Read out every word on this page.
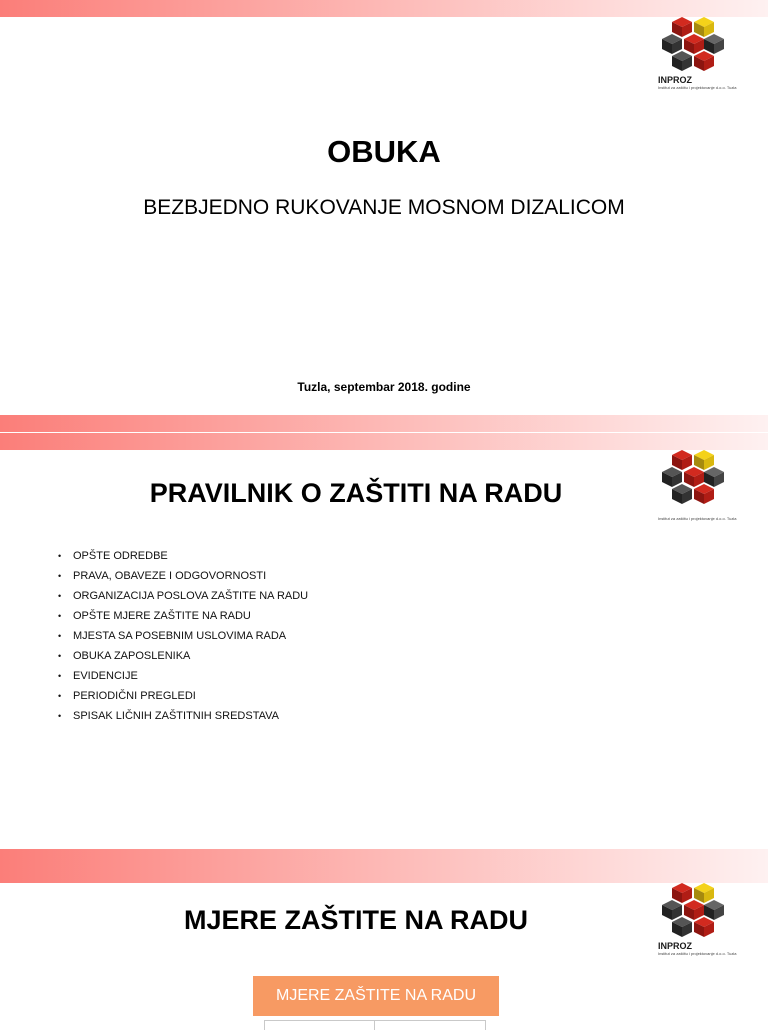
INPROZ
Institut za zaštitu i projektovanje d.o.o. Tuzla
OBUKA
BEZBJEDNO RUKOVANJE MOSNOM DIZALICOM
Tuzla, septembar 2018. godine
Institut za zaštitu i projektovanje d.o.o. Tuzla
PRAVILNIK O ZAŠTITI NA RADU
• OPŠTE ODREDBE
• PRAVA, OBAVEZE I ODGOVORNOSTI
• ORGANIZACIJA POSLOVA ZAŠTITE NA RADU
• OPŠTE MJERE ZAŠTITE NA RADU
• MJESTA SA POSEBNIM USLOVIMA RADA
• OBUKA ZAPOSLENIKA
• EVIDENCIJE
• PERIODIČNI PREGLEDI
• SPISAK LIČNIH ZAŠTITNIH SREDSTAVA
INPROZ
Institut za zaštitu i projektovanje d.o.o. Tuzla
MJERE ZAŠTITE NA RADU
MJERE ZAŠTITE NA RADU
